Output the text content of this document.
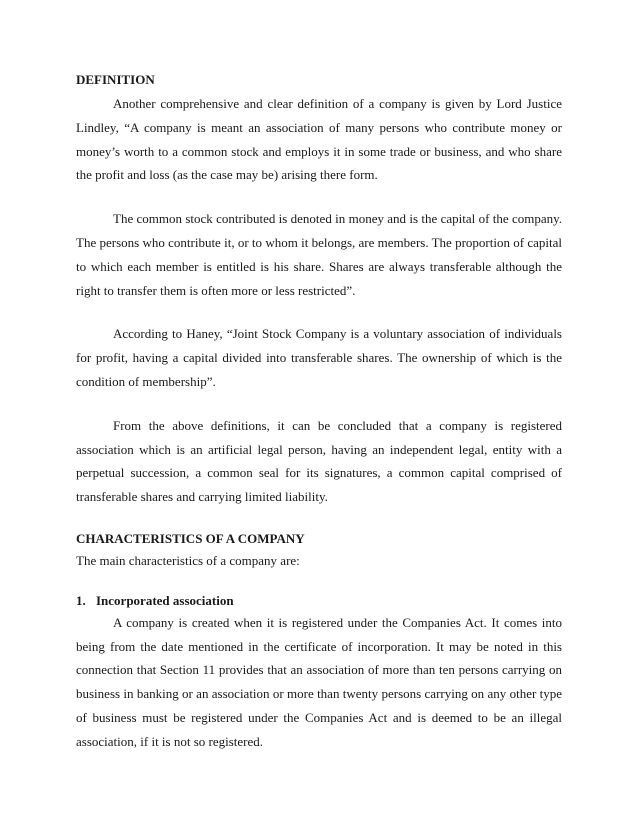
DEFINITION

Another comprehensive and clear definition of a company is given by Lord Justice Lindley, “A company is meant an association of many persons who contribute money or money’s worth to a common stock and employs it in some trade or business, and who share the profit and loss (as the case may be) arising there form.

The common stock contributed is denoted in money and is the capital of the company. The persons who contribute it, or to whom it belongs, are members. The proportion of capital to which each member is entitled is his share. Shares are always transferable although the right to transfer them is often more or less restricted”.

According to Haney, “Joint Stock Company is a voluntary association of individuals for profit, having a capital divided into transferable shares. The ownership of which is the condition of membership”.

From the above definitions, it can be concluded that a company is registered association which is an artificial legal person, having an independent legal, entity with a perpetual succession, a common seal for its signatures, a common capital comprised of transferable shares and carrying limited liability.

CHARACTERISTICS OF A COMPANY

The main characteristics of a company are:

1. Incorporated association

A company is created when it is registered under the Companies Act. It comes into being from the date mentioned in the certificate of incorporation. It may be noted in this connection that Section 11 provides that an association of more than ten persons carrying on business in banking or an association or more than twenty persons carrying on any other type of business must be registered under the Companies Act and is deemed to be an illegal association, if it is not so registered.
